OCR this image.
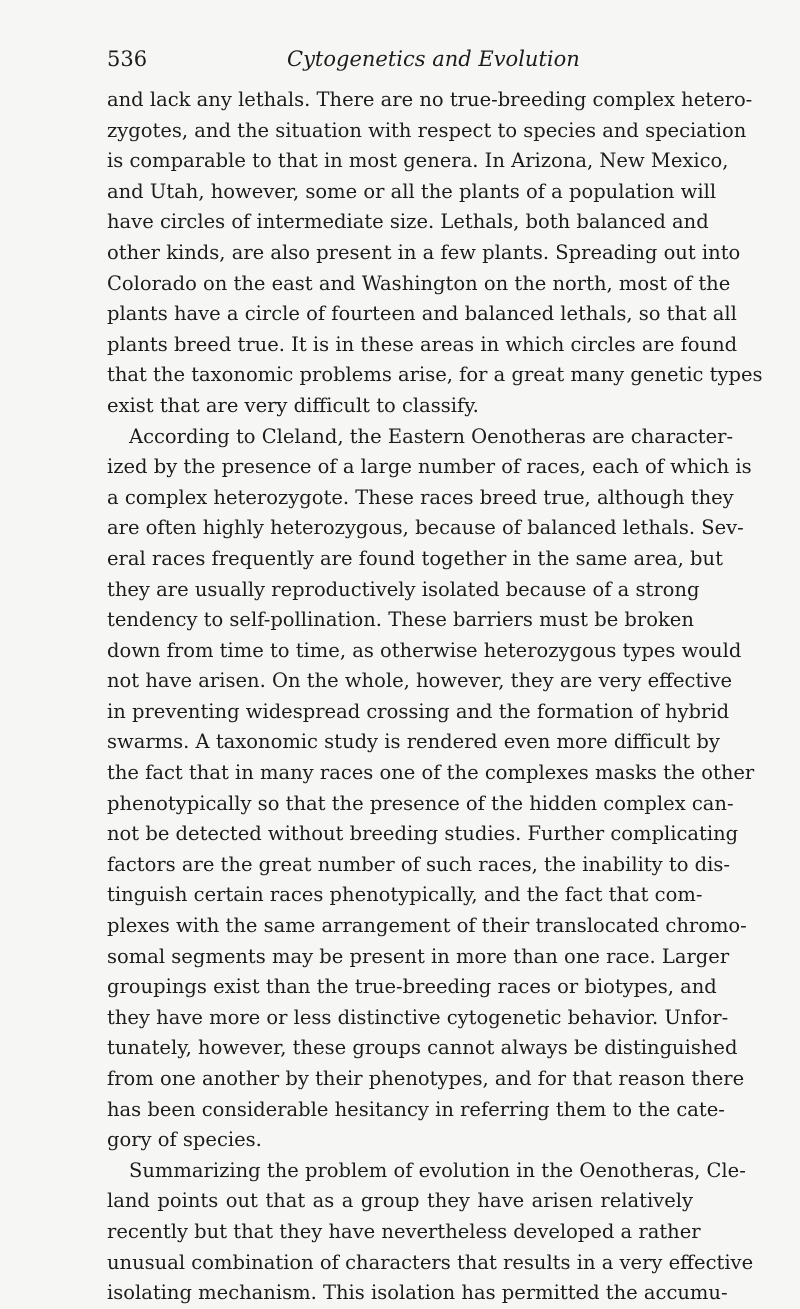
536	Cytogenetics and Evolution
and lack any lethals. There are no true-breeding complex hetero-
zygotes, and the situation with respect to species and speciation
is comparable to that in most genera. In Arizona, New Mexico,
and Utah, however, some or all the plants of a population will
have circles of intermediate size. Lethals, both balanced and
other kinds, are also present in a few plants. Spreading out into
Colorado on the east and Washington on the north, most of the
plants have a circle of fourteen and balanced lethals, so that all
plants breed true. It is in these areas in which circles are found
that the taxonomic problems arise, for a great many genetic types
exist that are very difficult to classify.
According to Cleland, the Eastern Oenotheras are character-
ized by the presence of a large number of races, each of which is
a complex heterozygote. These races breed true, although they
are often highly heterozygous, because of balanced lethals. Sev-
eral races frequently are found together in the same area, but
they are usually reproductively isolated because of a strong
tendency to self-pollination. These barriers must be broken
down from time to time, as otherwise heterozygous types would
not have arisen. On the whole, however, they are very effective
in preventing widespread crossing and the formation of hybrid
swarms. A taxonomic study is rendered even more difficult by
the fact that in many races one of the complexes masks the other
phenotypically so that the presence of the hidden complex can-
not be detected without breeding studies. Further complicating
factors are the great number of such races, the inability to dis-
tinguish certain races phenotypically, and the fact that com-
plexes with the same arrangement of their translocated chromo-
somal segments may be present in more than one race. Larger
groupings exist than the true-breeding races or biotypes, and
they have more or less distinctive cytogenetic behavior. Unfor-
tunately, however, these groups cannot always be distinguished
from one another by their phenotypes, and for that reason there
has been considerable hesitancy in referring them to the cate-
gory of species.
Summarizing the problem of evolution in the Oenotheras, Cle-
land points out that as a group they have arisen relatively
recently but that they have nevertheless developed a rather
unusual combination of characters that results in a very effective
isolating mechanism. This isolation has permitted the accumu-
